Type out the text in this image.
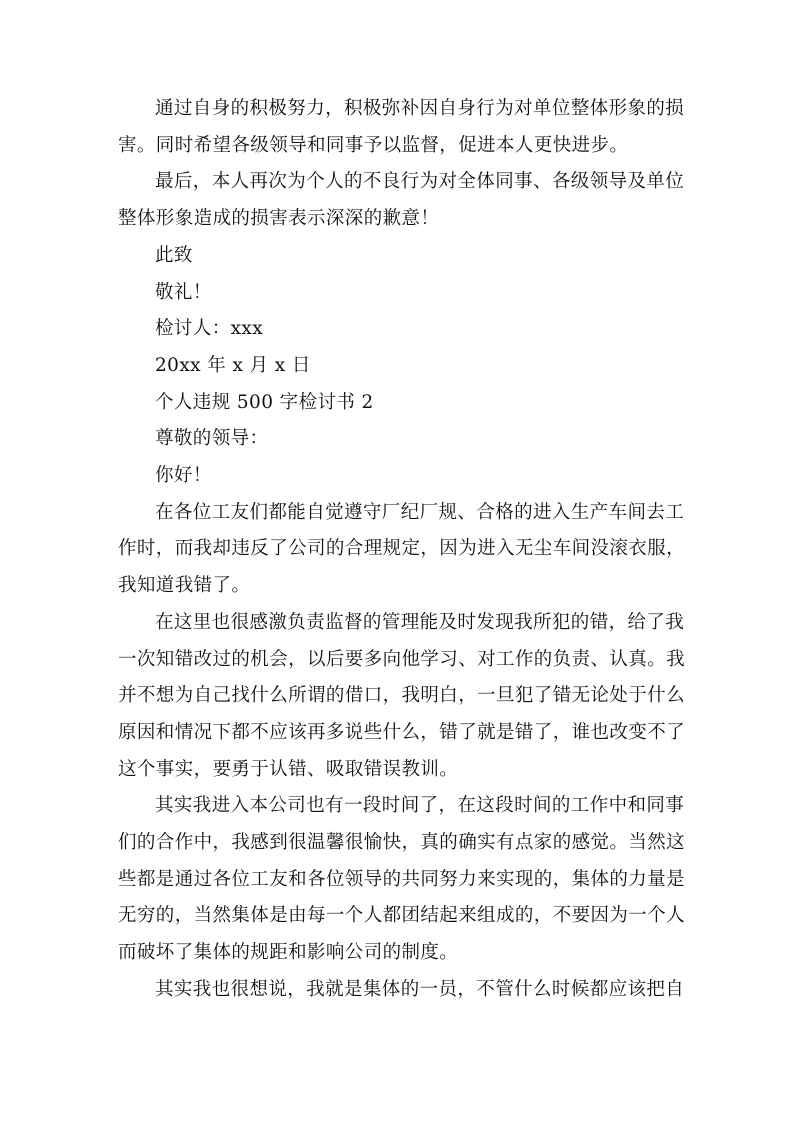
通过自身的积极努力，积极弥补因自身行为对单位整体形象的损
害。同时希望各级领导和同事予以监督，促进本人更快进步。

最后，本人再次为个人的不良行为对全体同事、各级领导及单位
整体形象造成的损害表示深深的歉意！

此致

敬礼！

检讨人：xxx

20xx 年 x 月 x 日

个人违规 500 字检讨书 2

尊敬的领导：

你好！

在各位工友们都能自觉遵守厂纪厂规、合格的进入生产车间去工
作时，而我却违反了公司的合理规定，因为进入无尘车间没滚衣服，
我知道我错了。

在这里也很感激负责监督的管理能及时发现我所犯的错，给了我
一次知错改过的机会，以后要多向他学习、对工作的负责、认真。我
并不想为自己找什么所谓的借口，我明白，一旦犯了错无论处于什么
原因和情况下都不应该再多说些什么，错了就是错了，谁也改变不了
这个事实，要勇于认错、吸取错误教训。

其实我进入本公司也有一段时间了，在这段时间的工作中和同事
们的合作中，我感到很温馨很愉快，真的确实有点家的感觉。当然这
些都是通过各位工友和各位领导的共同努力来实现的，集体的力量是
无穷的，当然集体是由每一个人都团结起来组成的，不要因为一个人
而破坏了集体的规距和影响公司的制度。

其实我也很想说，我就是集体的一员，不管什么时候都应该把自
